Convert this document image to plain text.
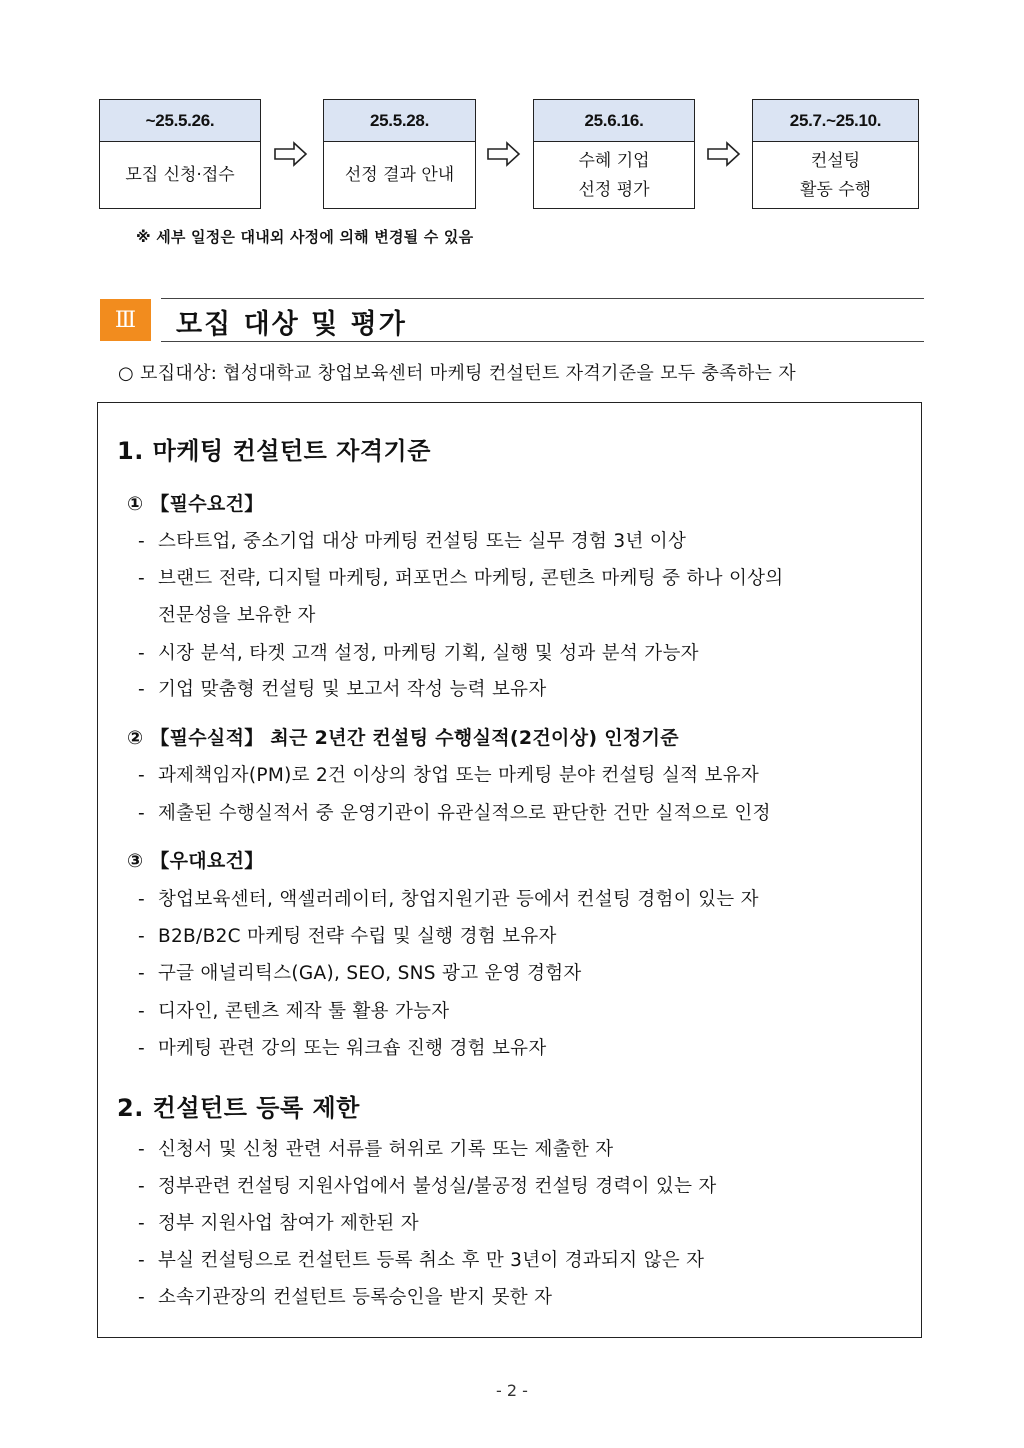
~25.5.26.
모집 신청·접수
25.5.28.
선정 결과 안내
25.6.16.
수혜 기업
선정 평가
25.7.~25.10.
컨설팅
활동 수행
※ 세부 일정은 대내외 사정에 의해 변경될 수 있음
Ⅲ	모집 대상 및 평가
○ 모집대상: 협성대학교 창업보육센터 마케팅 컨설턴트 자격기준을 모두 충족하는 자
1. 마케팅 컨설턴트 자격기준
① 【필수요건】
- 스타트업, 중소기업 대상 마케팅 컨설팅 또는 실무 경험 3년 이상
- 브랜드 전략, 디지털 마케팅, 퍼포먼스 마케팅, 콘텐츠 마케팅 중 하나 이상의
전문성을 보유한 자
- 시장 분석, 타겟 고객 설정, 마케팅 기획, 실행 및 성과 분석 가능자
- 기업 맞춤형 컨설팅 및 보고서 작성 능력 보유자
② 【필수실적】 최근 2년간 컨설팅 수행실적(2건이상) 인정기준
- 과제책임자(PM)로 2건 이상의 창업 또는 마케팅 분야 컨설팅 실적 보유자
- 제출된 수행실적서 중 운영기관이 유관실적으로 판단한 건만 실적으로 인정
③ 【우대요건】
- 창업보육센터, 액셀러레이터, 창업지원기관 등에서 컨설팅 경험이 있는 자
- B2B/B2C 마케팅 전략 수립 및 실행 경험 보유자
- 구글 애널리틱스(GA), SEO, SNS 광고 운영 경험자
- 디자인, 콘텐츠 제작 툴 활용 가능자
- 마케팅 관련 강의 또는 워크숍 진행 경험 보유자
2. 컨설턴트 등록 제한
- 신청서 및 신청 관련 서류를 허위로 기록 또는 제출한 자
- 정부관련 컨설팅 지원사업에서 불성실/불공정 컨설팅 경력이 있는 자
- 정부 지원사업 참여가 제한된 자
- 부실 컨설팅으로 컨설턴트 등록 취소 후 만 3년이 경과되지 않은 자
- 소속기관장의 컨설턴트 등록승인을 받지 못한 자
- 2 -
